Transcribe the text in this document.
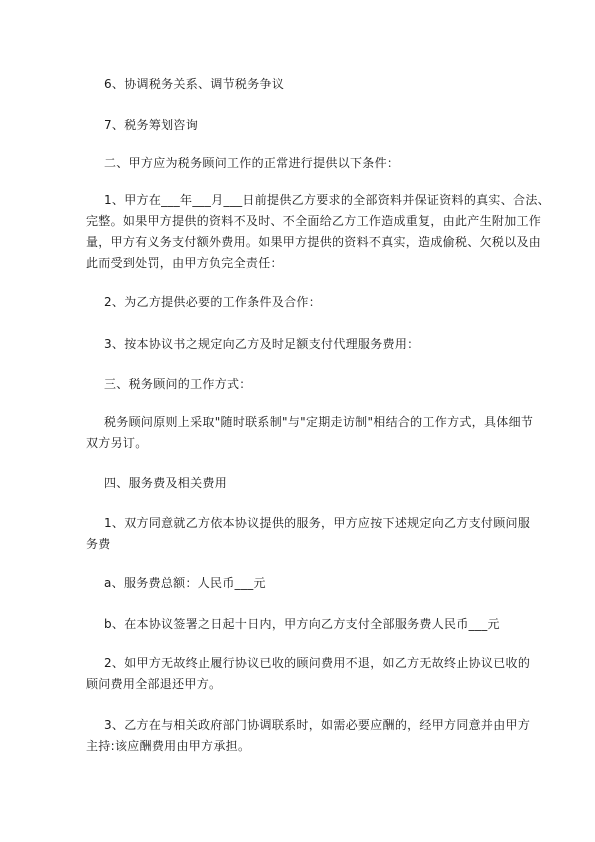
6、协调税务关系、调节税务争议

7、税务筹划咨询

二、甲方应为税务顾问工作的正常进行提供以下条件：

1、甲方在___年___月___日前提供乙方要求的全部资料并保证资料的真实、合法、
完整。如果甲方提供的资料不及时、不全面给乙方工作造成重复，由此产生附加工作
量，甲方有义务支付额外费用。如果甲方提供的资料不真实，造成偷税、欠税以及由
此而受到处罚，由甲方负完全责任：

2、为乙方提供必要的工作条件及合作：

3、按本协议书之规定向乙方及时足额支付代理服务费用：

三、税务顾问的工作方式：

税务顾问原则上采取"随时联系制"与"定期走访制"相结合的工作方式，具体细节
双方另订。

四、服务费及相关费用

1、双方同意就乙方依本协议提供的服务，甲方应按下述规定向乙方支付顾问服
务费

a、服务费总额：人民币___元

b、在本协议签署之日起十日内，甲方向乙方支付全部服务费人民币___元

2、如甲方无故终止履行协议已收的顾问费用不退，如乙方无故终止协议已收的
顾问费用全部退还甲方。

3、乙方在与相关政府部门协调联系时，如需必要应酬的，经甲方同意并由甲方
主持:该应酬费用由甲方承担。
